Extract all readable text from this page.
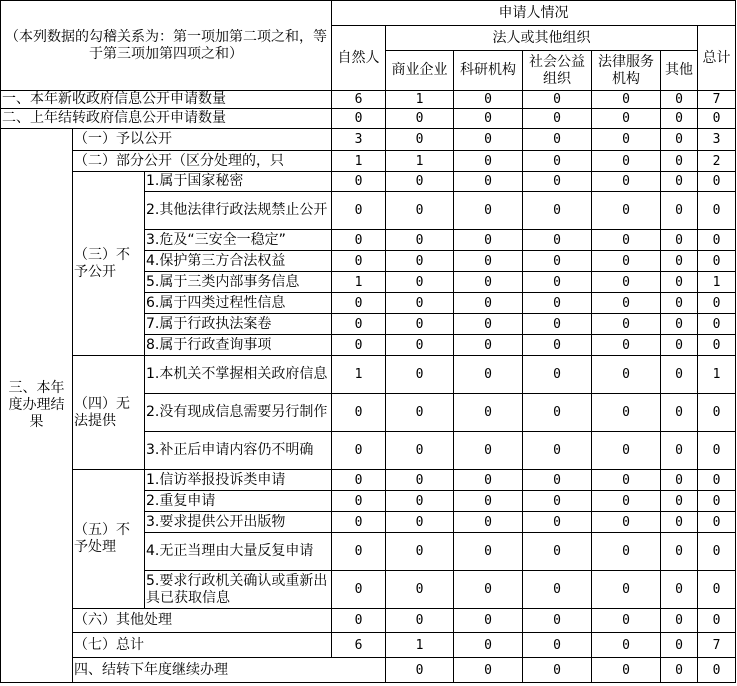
（本列数据的勾稽关系为：第一项加第二项之和，等于第三项加第四项之和）			申请人情况							
			自然人	法人或其他组织					总计	
				商业企业	科研机构	社会公益组织	法律服务机构	其他		
一、本年新收政府信息公开申请数量			6	1	0	0	0	0	7	
二、上年结转政府信息公开申请数量			0	0	0	0	0	0	0	
三、本年度办理结果	（一）予以公开		3	0	0	0	0	0	3	
	（二）部分公开（区分处理的，只		1	1	0	0	0	0	2	
	（三）不予公开	1.属于国家秘密	0	0	0	0	0	0	0	
		2.其他法律行政法规禁止公开	0	0	0	0	0	0	0	
		3.危及“三安全一稳定”	0	0	0	0	0	0	0	
		4.保护第三方合法权益	0	0	0	0	0	0	0	
		5.属于三类内部事务信息	1	0	0	0	0	0	1	
		6.属于四类过程性信息	0	0	0	0	0	0	0	
		7.属于行政执法案卷	0	0	0	0	0	0	0	
		8.属于行政查询事项	0	0	0	0	0	0	0	
	（四）无法提供	1.本机关不掌握相关政府信息	1	0	0	0	0	0	1	
		2.没有现成信息需要另行制作	0	0	0	0	0	0	0	
		3.补正后申请内容仍不明确	0	0	0	0	0	0	0	
	（五）不予处理	1.信访举报投诉类申请	0	0	0	0	0	0	0	
		2.重复申请	0	0	0	0	0	0	0	
		3.要求提供公开出版物	0	0	0	0	0	0	0	
		4.无正当理由大量反复申请	0	0	0	0	0	0	0	
		5.要求行政机关确认或重新出具已获取信息	0	0	0	0	0	0	0	
	（六）其他处理		0	0	0	0	0	0	0	
	（七）总计		6	1	0	0	0	0	7	
	四、结转下年度继续办理			0	0	0	0	0	0	
